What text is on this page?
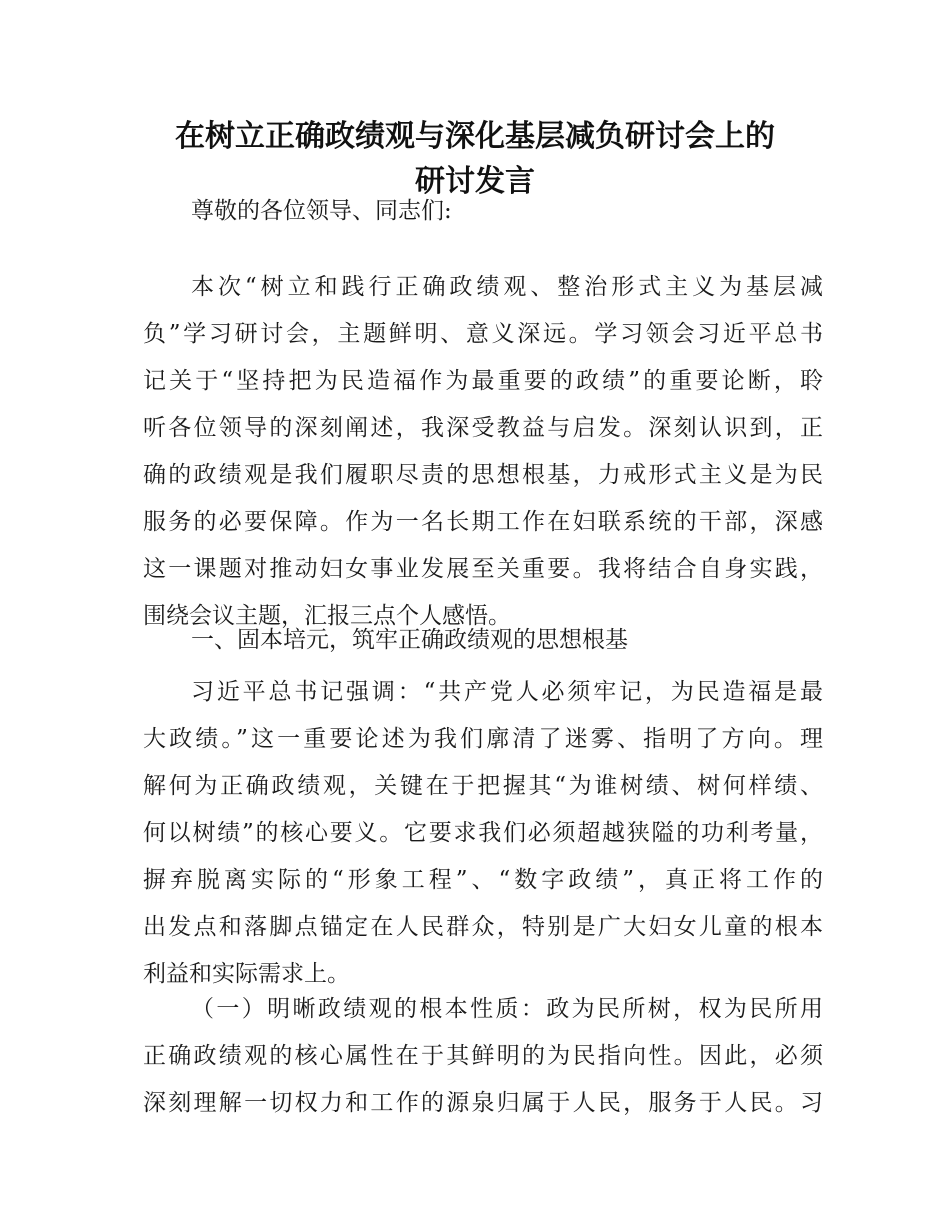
在树立正确政绩观与深化基层减负研讨会上的
研讨发言
尊敬的各位领导、同志们:
本次“树立和践行正确政绩观、整治形式主义为基层减
负”学习研讨会，主题鲜明、意义深远。学习领会习近平总书
记关于“坚持把为民造福作为最重要的政绩”的重要论断，聆
听各位领导的深刻阐述，我深受教益与启发。深刻认识到，正
确的政绩观是我们履职尽责的思想根基，力戒形式主义是为民
服务的必要保障。作为一名长期工作在妇联系统的干部，深感
这一课题对推动妇女事业发展至关重要。我将结合自身实践，
围绕会议主题，汇报三点个人感悟。
一、固本培元，筑牢正确政绩观的思想根基
习近平总书记强调：“共产党人必须牢记，为民造福是最
大政绩。”这一重要论述为我们廓清了迷雾、指明了方向。理
解何为正确政绩观，关键在于把握其“为谁树绩、树何样绩、
何以树绩”的核心要义。它要求我们必须超越狭隘的功利考量，
摒弃脱离实际的“形象工程”、“数字政绩”，真正将工作的
出发点和落脚点锚定在人民群众，特别是广大妇女儿童的根本
利益和实际需求上。
（一）明晰政绩观的根本性质：政为民所树，权为民所用
正确政绩观的核心属性在于其鲜明的为民指向性。因此，必须
深刻理解一切权力和工作的源泉归属于人民，服务于人民。习
